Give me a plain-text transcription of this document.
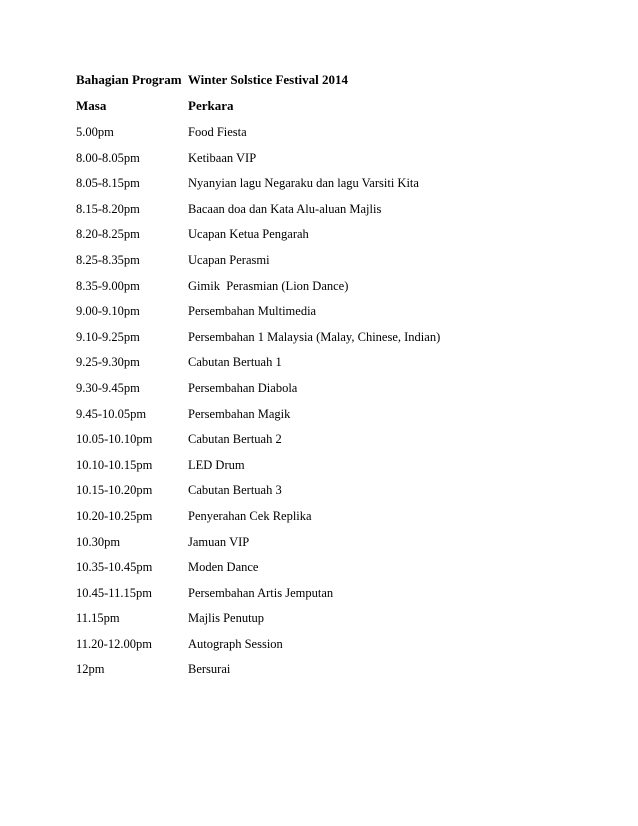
Bahagian Program  Winter Solstice Festival 2014
Masa	Perkara
5.00pm	Food Fiesta
8.00-8.05pm	Ketibaan VIP
8.05-8.15pm	Nyanyian lagu Negaraku dan lagu Varsiti Kita
8.15-8.20pm	Bacaan doa dan Kata Alu-aluan Majlis
8.20-8.25pm	Ucapan Ketua Pengarah
8.25-8.35pm	Ucapan Perasmi
8.35-9.00pm	Gimik  Perasmian (Lion Dance)
9.00-9.10pm	Persembahan Multimedia
9.10-9.25pm	Persembahan 1 Malaysia (Malay, Chinese, Indian)
9.25-9.30pm	Cabutan Bertuah 1
9.30-9.45pm	Persembahan Diabola
9.45-10.05pm	Persembahan Magik
10.05-10.10pm	Cabutan Bertuah 2
10.10-10.15pm	LED Drum
10.15-10.20pm	Cabutan Bertuah 3
10.20-10.25pm	Penyerahan Cek Replika
10.30pm	Jamuan VIP
10.35-10.45pm	Moden Dance
10.45-11.15pm	Persembahan Artis Jemputan
11.15pm	Majlis Penutup
11.20-12.00pm	Autograph Session
12pm	Bersurai
